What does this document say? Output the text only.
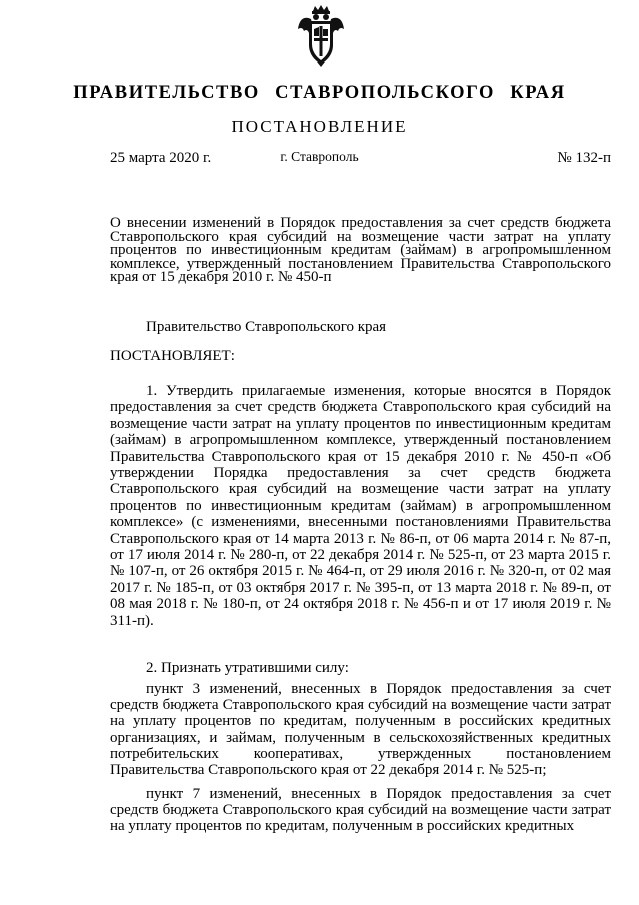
ПРАВИТЕЛЬСТВО СТАВРОПОЛЬСКОГО КРАЯ
ПОСТАНОВЛЕНИЕ
25 марта 2020 г.	г. Ставрополь	№ 132-п
О внесении изменений в Порядок предоставления за счет средств бюджета Ставропольского края субсидий на возмещение части затрат на уплату процентов по инвестиционным кредитам (займам) в агропромышленном комплексе, утвержденный постановлением Правительства Ставропольского края от 15 декабря 2010 г. № 450-п
Правительство Ставропольского края
ПОСТАНОВЛЯЕТ:
1. Утвердить прилагаемые изменения, которые вносятся в Порядок предоставления за счет средств бюджета Ставропольского края субсидий на возмещение части затрат на уплату процентов по инвестиционным кредитам (займам) в агропромышленном комплексе, утвержденный постановлением Правительства Ставропольского края от 15 декабря 2010 г. № 450-п «Об утверждении Порядка предоставления за счет средств бюджета Ставропольского края субсидий на возмещение части затрат на уплату процентов по инвестиционным кредитам (займам) в агропромышленном комплексе» (с изменениями, внесенными постановлениями Правительства Ставропольского края от 14 марта 2013 г. № 86-п, от 06 марта 2014 г. № 87-п, от 17 июля 2014 г. № 280-п, от 22 декабря 2014 г. № 525-п, от 23 марта 2015 г. № 107-п, от 26 октября 2015 г. № 464-п, от 29 июля 2016 г. № 320-п, от 02 мая 2017 г. № 185-п, от 03 октября 2017 г. № 395-п, от 13 марта 2018 г. № 89-п, от 08 мая 2018 г. № 180-п, от 24 октября 2018 г. № 456-п и от 17 июля 2019 г. № 311-п).
2. Признать утратившими силу:
пункт 3 изменений, внесенных в Порядок предоставления за счет средств бюджета Ставропольского края субсидий на возмещение части затрат на уплату процентов по кредитам, полученным в российских кредитных организациях, и займам, полученным в сельскохозяйственных кредитных потребительских кооперативах, утвержденных постановлением Правительства Ставропольского края от 22 декабря 2014 г. № 525-п;
пункт 7 изменений, внесенных в Порядок предоставления за счет средств бюджета Ставропольского края субсидий на возмещение части затрат на уплату процентов по кредитам, полученным в российских кредитных
